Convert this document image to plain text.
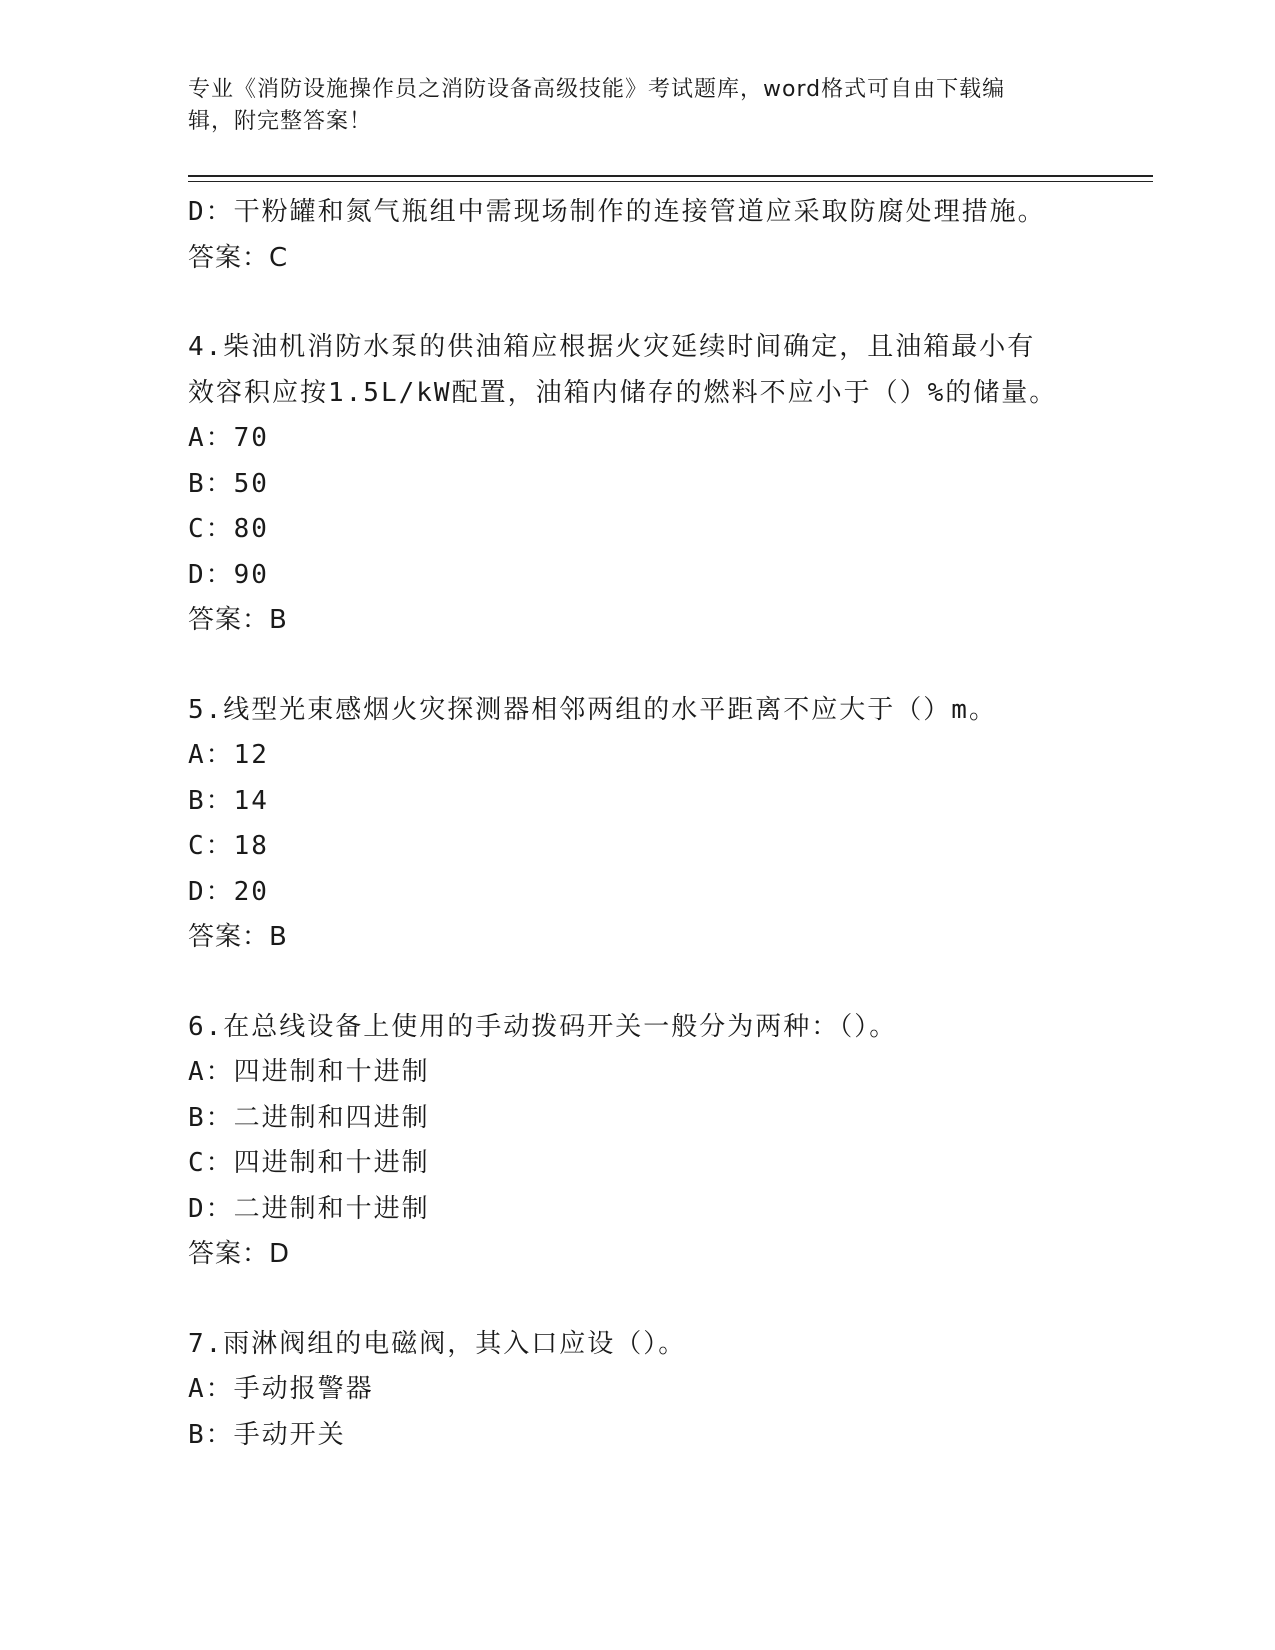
专业《消防设施操作员之消防设备高级技能》考试题库，word格式可自由下载编
辑，附完整答案！
D：干粉罐和氮气瓶组中需现场制作的连接管道应采取防腐处理措施。
答案：C
4.柴油机消防水泵的供油箱应根据火灾延续时间确定，且油箱最小有
效容积应按1.5L/kW配置，油箱内储存的燃料不应小于（）%的储量。
A：70
B：50
C：80
D：90
答案：B
5.线型光束感烟火灾探测器相邻两组的水平距离不应大于（）m。
A：12
B：14
C：18
D：20
答案：B
6.在总线设备上使用的手动拨码开关一般分为两种：（）。
A：四进制和十进制
B：二进制和四进制
C：四进制和十进制
D：二进制和十进制
答案：D
7.雨淋阀组的电磁阀，其入口应设（）。
A：手动报警器
B：手动开关
